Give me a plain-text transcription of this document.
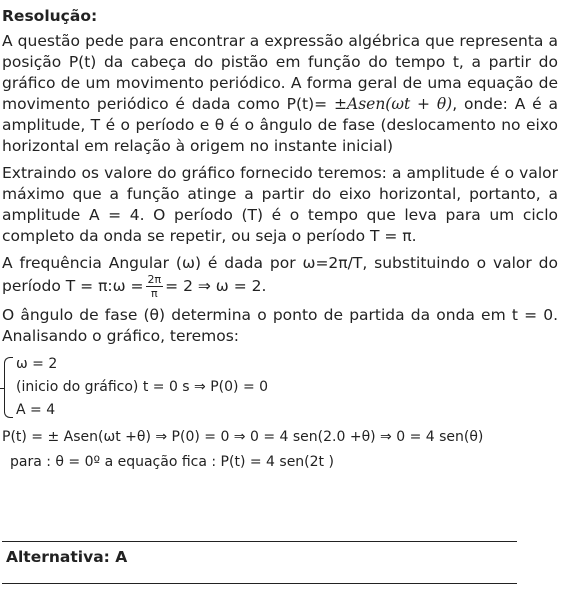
Resolução:

A questão pede para encontrar a expressão algébrica que representa a posição P(t) da cabeça do pistão em função do tempo t, a partir do gráfico de um movimento periódico. A forma geral de uma equação de movimento periódico é dada como P(t)= ±Asen(ωt + θ), onde: A é a amplitude, T é o período e θ é o ângulo de fase (deslocamento no eixo horizontal em relação à origem no instante inicial)

Extraindo os valore do gráfico fornecido teremos: a amplitude é o valor máximo que a função atinge a partir do eixo horizontal, portanto, a amplitude A = 4. O período (T) é o tempo que leva para um ciclo completo da onda se repetir, ou seja o período T = π.

A frequência Angular (ω) é dada por ω=2π/T, substituindo o valor do período T = π:ω = $\frac{2\pi}{\pi} = 2$ ⇒ ω = 2.

O ângulo de fase (θ) determina o ponto de partida da onda em t = 0. Analisando o gráfico, teremos:

ω = 2
(inicio do gráfico) t = 0 s ⇒ P(0) = 0
A = 4
P(t) = ± Asen(ωt +θ) ⇒ P(0) = 0 ⇒ 0 = 4 sen(2.0 +θ) ⇒ 0 = 4 sen(θ)
para : θ = 0º a equação fica : P(t) = 4 sen(2t )
Alternativa: A
